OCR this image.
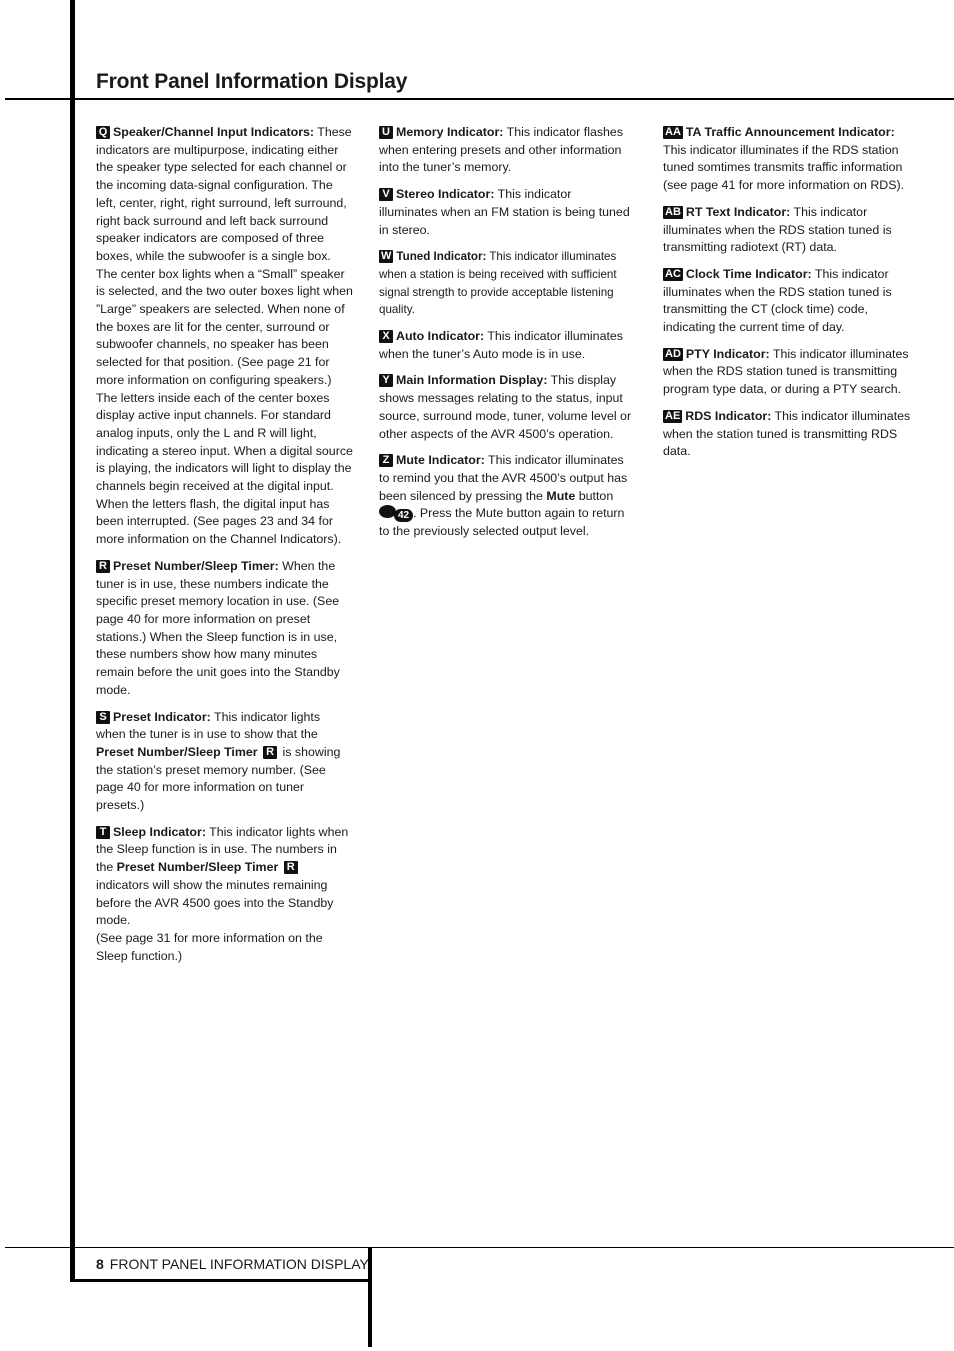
Front Panel Information Display

Q Speaker/Channel Input Indicators: These indicators are multipurpose, indicating either the speaker type selected for each channel or the incoming data-signal configuration. The left, center, right, right surround, left surround, right back surround and left back surround speaker indicators are composed of three boxes, while the subwoofer is a single box. The center box lights when a “Small” speaker is selected, and the two outer boxes light when ”Large” speakers are selected. When none of the boxes are lit for the center, surround or subwoofer channels, no speaker has been selected for that position. (See page 21 for more information on configuring speakers.) The letters inside each of the center boxes display active input channels. For standard analog inputs, only the L and R will light, indicating a stereo input. When a digital source is playing, the indicators will light to display the channels begin received at the digital input. When the letters flash, the digital input has been interrupted. (See pages 23 and 34 for more information on the Channel Indicators).

R Preset Number/Sleep Timer: When the tuner is in use, these numbers indicate the specific preset memory location in use. (See page 40 for more information on preset stations.) When the Sleep function is in use, these numbers show how many minutes remain before the unit goes into the Standby mode.

S Preset Indicator: This indicator lights when the tuner is in use to show that the Preset Number/Sleep Timer R is showing the station’s preset memory number. (See page 40 for more information on tuner presets.)

T Sleep Indicator: This indicator lights when the Sleep function is in use. The numbers in the Preset Number/Sleep Timer R indicators will show the minutes remaining before the AVR 4500 goes into the Standby mode.
(See page 31 for more information on the Sleep function.)

U Memory Indicator: This indicator flashes when entering presets and other information into the tuner’s memory.

V Stereo Indicator: This indicator illuminates when an FM station is being tuned in stereo.

W Tuned Indicator: This indicator illuminates when a station is being received with sufficient signal strength to provide acceptable listening quality.

X Auto Indicator: This indicator illuminates when the tuner’s Auto mode is in use.

Y Main Information Display: This display shows messages relating to the status, input source, surround mode, tuner, volume level or other aspects of the AVR 4500’s operation.

Z Mute Indicator: This indicator illuminates to remind you that the AVR 4500’s output has been silenced by pressing the Mute button 42 . Press the Mute button again to return to the previously selected output level.

AA TA Traffic Announcement Indicator: This indicator illuminates if the RDS station tuned somtimes transmits traffic information (see page 41 for more information on RDS).

AB RT Text Indicator: This indicator illuminates when the RDS station tuned is transmitting radiotext (RT) data.

AC Clock Time Indicator: This indicator illuminates when the RDS station tuned is transmitting the CT (clock time) code, indicating the current time of day.

AD PTY Indicator: This indicator illuminates when the RDS station tuned is transmitting program type data, or during a PTY search.

AE RDS Indicator: This indicator illuminates when the station tuned is transmitting RDS data.

8 FRONT PANEL INFORMATION DISPLAY
